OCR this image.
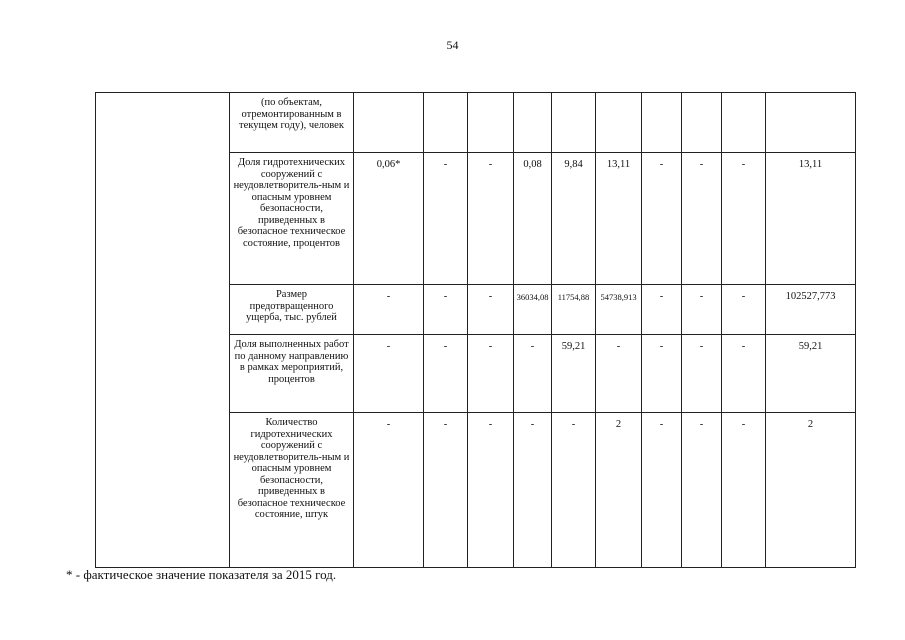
54
	(по объектам, отремонтированным в текущем году), человек										
	Доля гидротехнических сооружений с неудовлетворитель-ным и опасным уровнем безопасности, приведенных в безопасное техническое состояние, процентов	0,06*	-	-	0,08	9,84	13,11	-	-	-	13,11
	Размер предотвращенного ущерба, тыс. рублей	-	-	-	36034,08	11754,88	54738,913	-	-	-	102527,773
	Доля выполненных работ по данному направлению в рамках мероприятий, процентов	-	-	-	-	59,21	-	-	-	-	59,21
	Количество гидротехнических сооружений с неудовлетворитель-ным и опасным уровнем безопасности, приведенных в безопасное техническое состояние, штук	-	-	-	-	-	2	-	-	-	2
* - фактическое значение показателя за 2015 год.
